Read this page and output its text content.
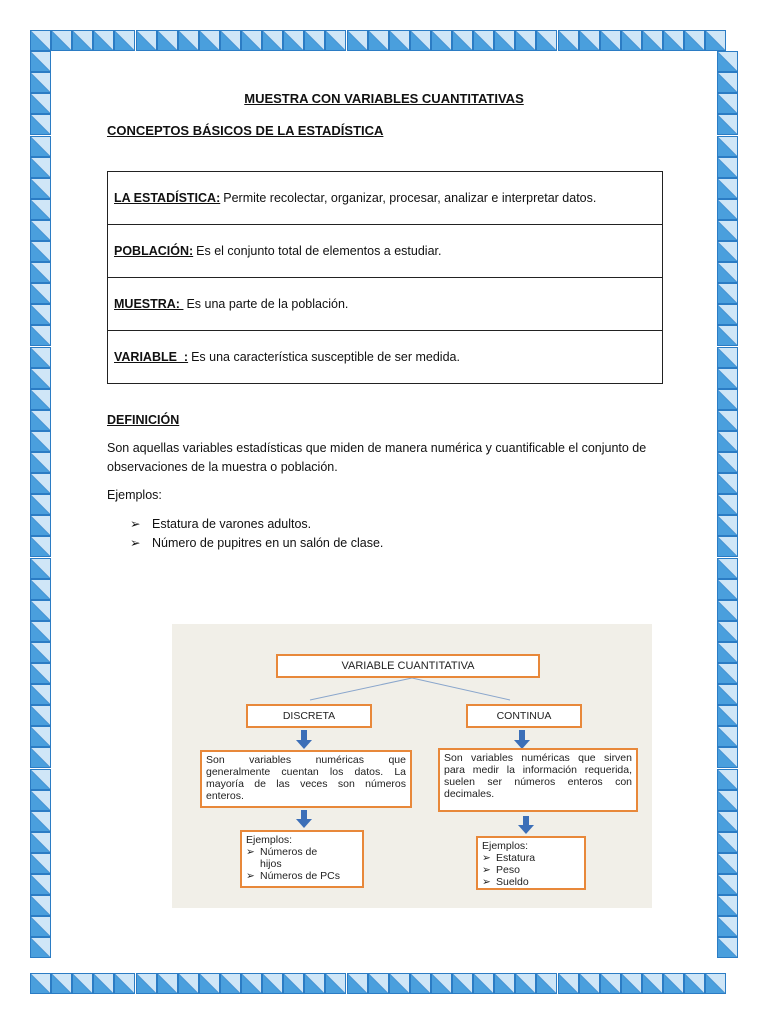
MUESTRA CON VARIABLES CUANTITATIVAS
CONCEPTOS BÁSICOS DE LA ESTADÍSTICA
LA ESTADÍSTICA: Permite recolectar, organizar, procesar, analizar e interpretar datos.
POBLACIÓN: Es el conjunto total de elementos a estudiar.
MUESTRA: Es una parte de la población.
VARIABLE  : Es una característica susceptible de ser medida.
DEFINICIÓN
Son aquellas variables estadísticas que miden de manera numérica y cuantificable el conjunto de observaciones de la muestra o población.
Ejemplos:
➢ Estatura de varones adultos.
➢ Número de pupitres en un salón de clase.
VARIABLE CUANTITATIVA
DISCRETA	CONTINUA
Son variables numéricas que generalmente cuentan los datos. La mayoría de las veces son números enteros.
Son variables numéricas que sirven para medir la información requerida, suelen ser números enteros con decimales.
Ejemplos:
➢ Números de hijos
➢ Números de PCs
Ejemplos:
➢ Estatura
➢ Peso
➢ Sueldo
